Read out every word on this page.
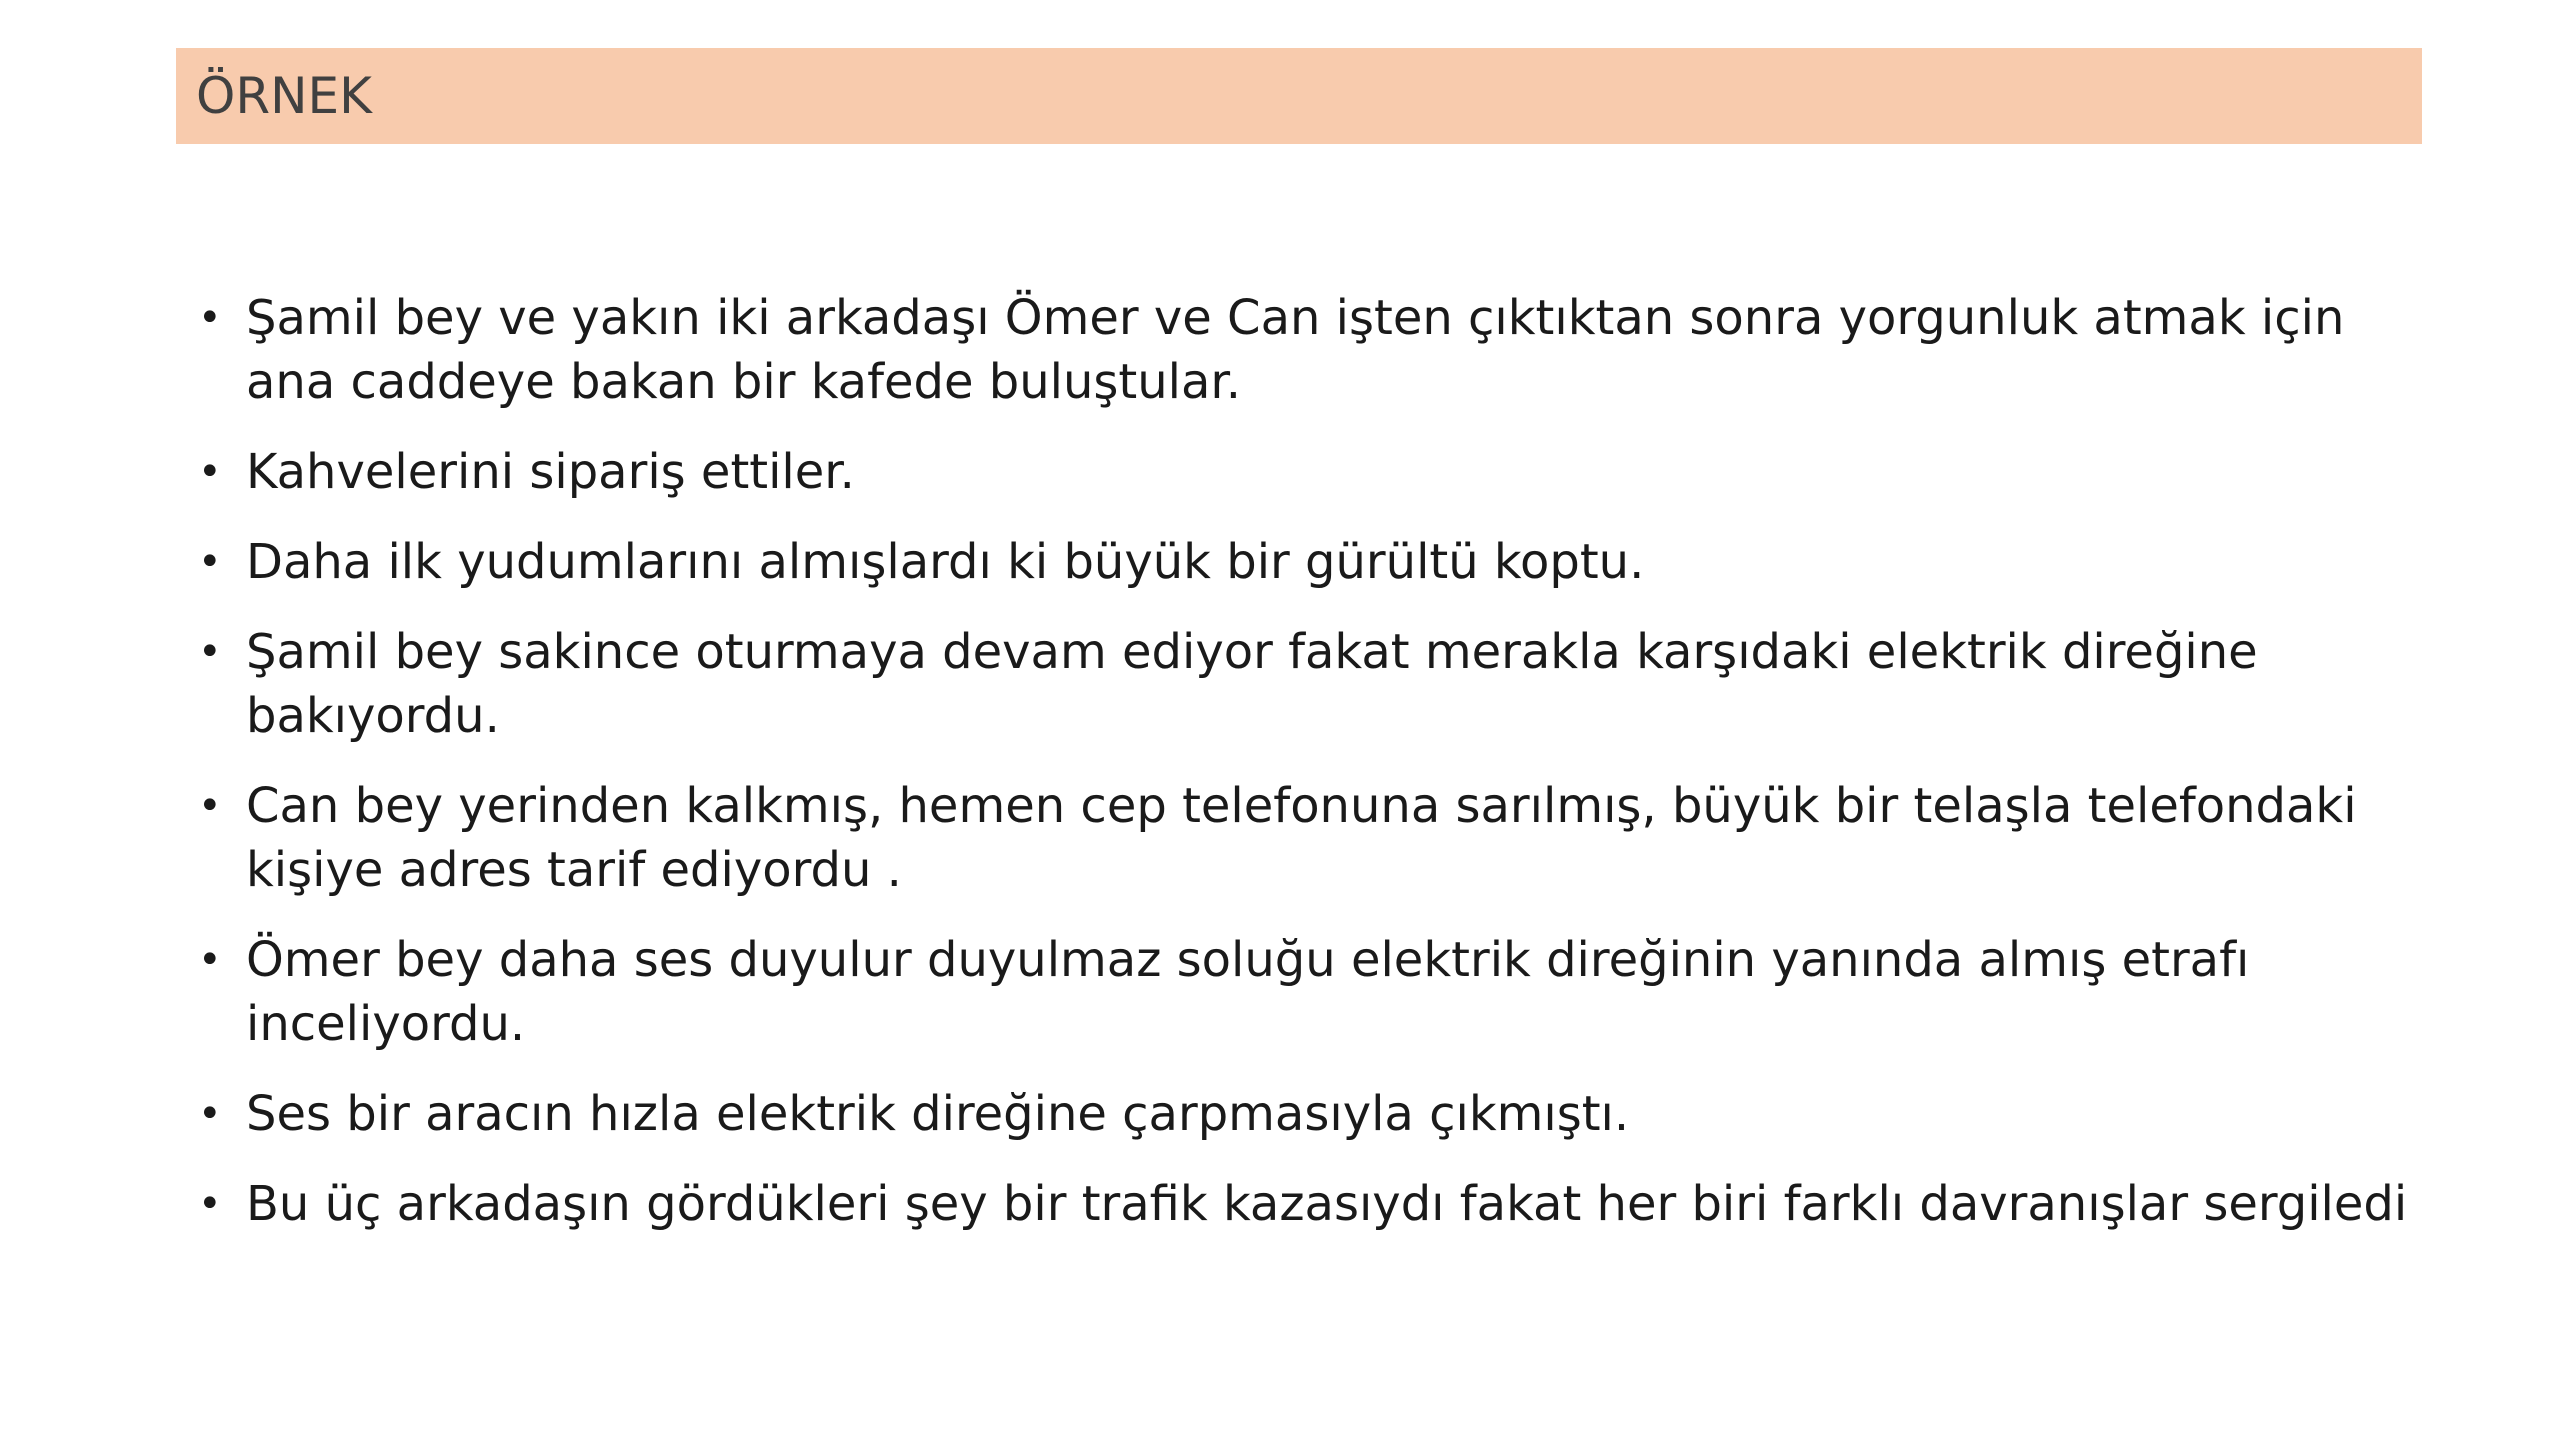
ÖRNEK
• Şamil bey ve yakın iki arkadaşı Ömer ve Can işten çıktıktan sonra yorgunluk atmak için ana caddeye bakan bir kafede buluştular.
• Kahvelerini sipariş ettiler.
• Daha ilk yudumlarını almışlardı ki büyük bir gürültü koptu.
• Şamil bey sakince oturmaya devam ediyor fakat merakla karşıdaki elektrik direğine bakıyordu.
• Can bey yerinden kalkmış, hemen cep telefonuna sarılmış, büyük bir telaşla telefondaki kişiye adres tarif ediyordu .
• Ömer bey daha ses duyulur duyulmaz soluğu elektrik direğinin yanında almış etrafı inceliyordu.
• Ses bir aracın hızla elektrik direğine çarpmasıyla çıkmıştı.
• Bu üç arkadaşın gördükleri şey bir trafik kazasıydı fakat her biri farklı davranışlar sergiledi
